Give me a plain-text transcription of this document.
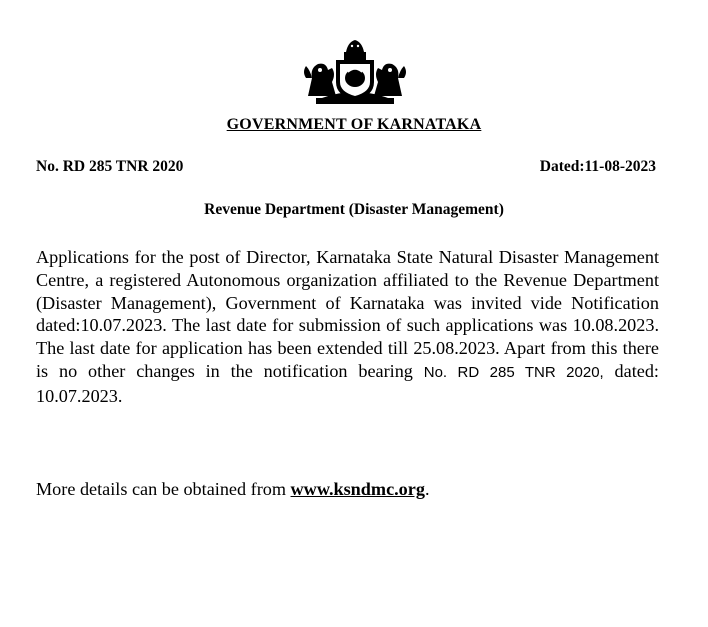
GOVERNMENT OF KARNATAKA
No. RD 285 TNR 2020	Dated:11-08-2023
Revenue Department (Disaster Management)
Applications for the post of Director, Karnataka State Natural Disaster Management Centre, a registered Autonomous organization affiliated to the Revenue Department (Disaster Management), Government of Karnataka was invited vide Notification dated:10.07.2023. The last date for submission of such applications was 10.08.2023. The last date for application has been extended till 25.08.2023. Apart from this there is no other changes in the notification bearing No. RD 285 TNR 2020, dated: 10.07.2023.
More details can be obtained from www.ksndmc.org.
